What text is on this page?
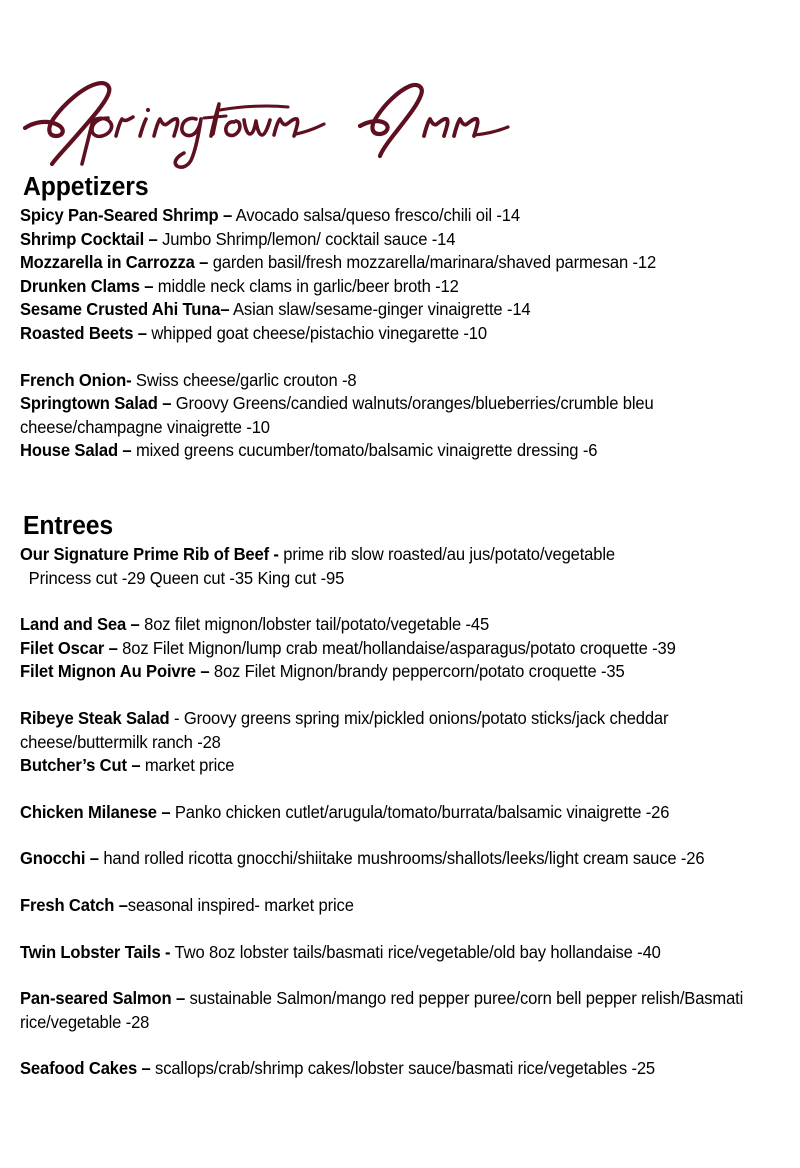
Appetizers
Spicy Pan-Seared Shrimp – Avocado salsa/queso fresco/chili oil -14
Shrimp Cocktail – Jumbo Shrimp/lemon/ cocktail sauce -14
Mozzarella in Carrozza – garden basil/fresh mozzarella/marinara/shaved parmesan -12
Drunken Clams – middle neck clams in garlic/beer broth -12
Sesame Crusted Ahi Tuna– Asian slaw/sesame-ginger vinaigrette -14
Roasted Beets – whipped goat cheese/pistachio vinegarette -10
French Onion- Swiss cheese/garlic crouton -8
Springtown Salad – Groovy Greens/candied walnuts/oranges/blueberries/crumble bleu cheese/champagne vinaigrette -10
House Salad – mixed greens cucumber/tomato/balsamic vinaigrette dressing -6
Entrees
Our Signature Prime Rib of Beef - prime rib slow roasted/au jus/potato/vegetable
Princess cut -29 Queen cut -35 King cut -95
Land and Sea – 8oz filet mignon/lobster tail/potato/vegetable -45
Filet Oscar – 8oz Filet Mignon/lump crab meat/hollandaise/asparagus/potato croquette -39
Filet Mignon Au Poivre – 8oz Filet Mignon/brandy peppercorn/potato croquette -35
Ribeye Steak Salad - Groovy greens spring mix/pickled onions/potato sticks/jack cheddar cheese/buttermilk ranch -28
Butcher’s Cut – market price
Chicken Milanese – Panko chicken cutlet/arugula/tomato/burrata/balsamic vinaigrette -26
Gnocchi – hand rolled ricotta gnocchi/shiitake mushrooms/shallots/leeks/light cream sauce -26
Fresh Catch –seasonal inspired- market price
Twin Lobster Tails - Two 8oz lobster tails/basmati rice/vegetable/old bay hollandaise -40
Pan-seared Salmon – sustainable Salmon/mango red pepper puree/corn bell pepper relish/Basmati rice/vegetable -28
Seafood Cakes – scallops/crab/shrimp cakes/lobster sauce/basmati rice/vegetables -25
